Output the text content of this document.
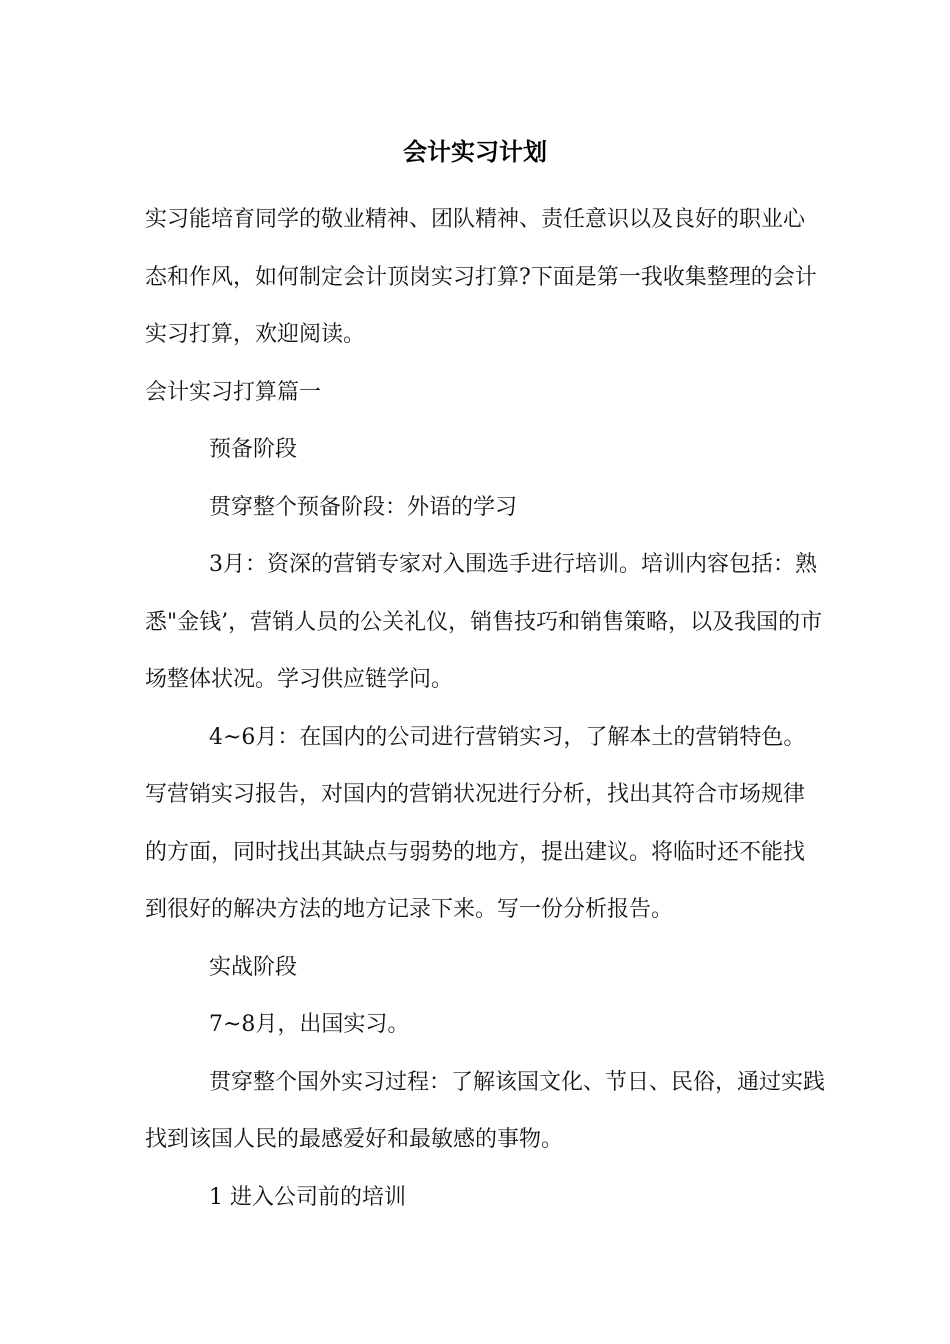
会计实习计划

实习能培育同学的敬业精神、团队精神、责任意识以及良好的职业心态和作风，如何制定会计顶岗实习打算?下面是第一我收集整理的会计实习打算，欢迎阅读。

会计实习打算篇一

预备阶段

贯穿整个预备阶段：外语的学习

3月：资深的营销专家对入围选手进行培训。培训内容包括：熟悉"金钱’，营销人员的公关礼仪，销售技巧和销售策略，以及我国的市场整体状况。学习供应链学问。

4~6月：在国内的公司进行营销实习，了解本土的营销特色。写营销实习报告，对国内的营销状况进行分析，找出其符合市场规律的方面，同时找出其缺点与弱势的地方，提出建议。将临时还不能找到很好的解决方法的地方记录下来。写一份分析报告。

实战阶段

7~8月，出国实习。

贯穿整个国外实习过程：了解该国文化、节日、民俗，通过实践找到该国人民的最感爱好和最敏感的事物。

1 进入公司前的培训
